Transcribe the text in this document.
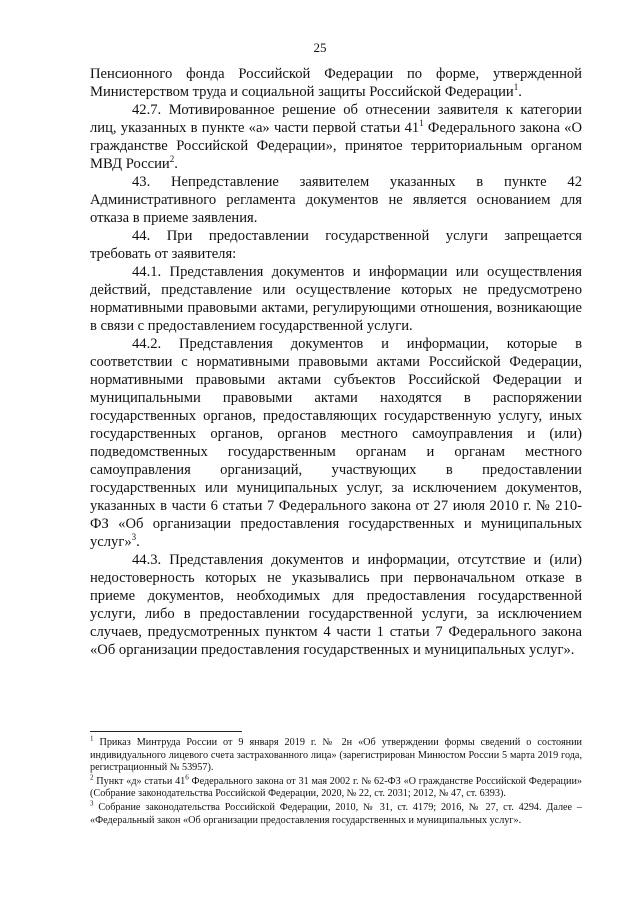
25

Пенсионного фонда Российской Федерации по форме, утвержденной Министерством труда и социальной защиты Российской Федерации$^1$.

42.7. Мотивированное решение об отнесении заявителя к категории лиц, указанных в пункте «а» части первой статьи $41^1$ Федерального закона «О гражданстве Российской Федерации», принятое территориальным органом МВД России$^2$.

43. Непредставление заявителем указанных в пункте 42 Административного регламента документов не является основанием для отказа в приеме заявления.

44. При предоставлении государственной услуги запрещается требовать от заявителя:

44.1. Представления документов и информации или осуществления действий, представление или осуществление которых не предусмотрено нормативными правовыми актами, регулирующими отношения, возникающие в связи с предоставлением государственной услуги.

44.2. Представления документов и информации, которые в соответствии с нормативными правовыми актами Российской Федерации, нормативными правовыми актами субъектов Российской Федерации и муниципальными правовыми актами находятся в распоряжении государственных органов, предоставляющих государственную услугу, иных государственных органов, органов местного самоуправления и (или) подведомственных государственным органам и органам местного самоуправления организаций, участвующих в предоставлении государственных или муниципальных услуг, за исключением документов, указанных в части 6 статьи 7 Федерального закона от 27 июля 2010 г. № 210-ФЗ «Об организации предоставления государственных и муниципальных услуг»$^3$.

44.3. Представления документов и информации, отсутствие и (или) недостоверность которых не указывались при первоначальном отказе в приеме документов, необходимых для предоставления государственной услуги, либо в предоставлении государственной услуги, за исключением случаев, предусмотренных пунктом 4 части 1 статьи 7 Федерального закона «Об организации предоставления государственных и муниципальных услуг».

$^1$ Приказ Минтруда России от 9 января 2019 г. № 2н «Об утверждении формы сведений о состоянии индивидуального лицевого счета застрахованного лица» (зарегистрирован Минюстом России 5 марта 2019 года, регистрационный № 53957).

$^2$ Пункт «д» статьи $41^6$ Федерального закона от 31 мая 2002 г. № 62-ФЗ «О гражданстве Российской Федерации» (Собрание законодательства Российской Федерации, 2020, № 22, ст. 2031; 2012, № 47, ст. 6393).

$^3$ Собрание законодательства Российской Федерации, 2010, № 31, ст. 4179; 2016, № 27, ст. 4294. Далее – «Федеральный закон «Об организации предоставления государственных и муниципальных услуг».
